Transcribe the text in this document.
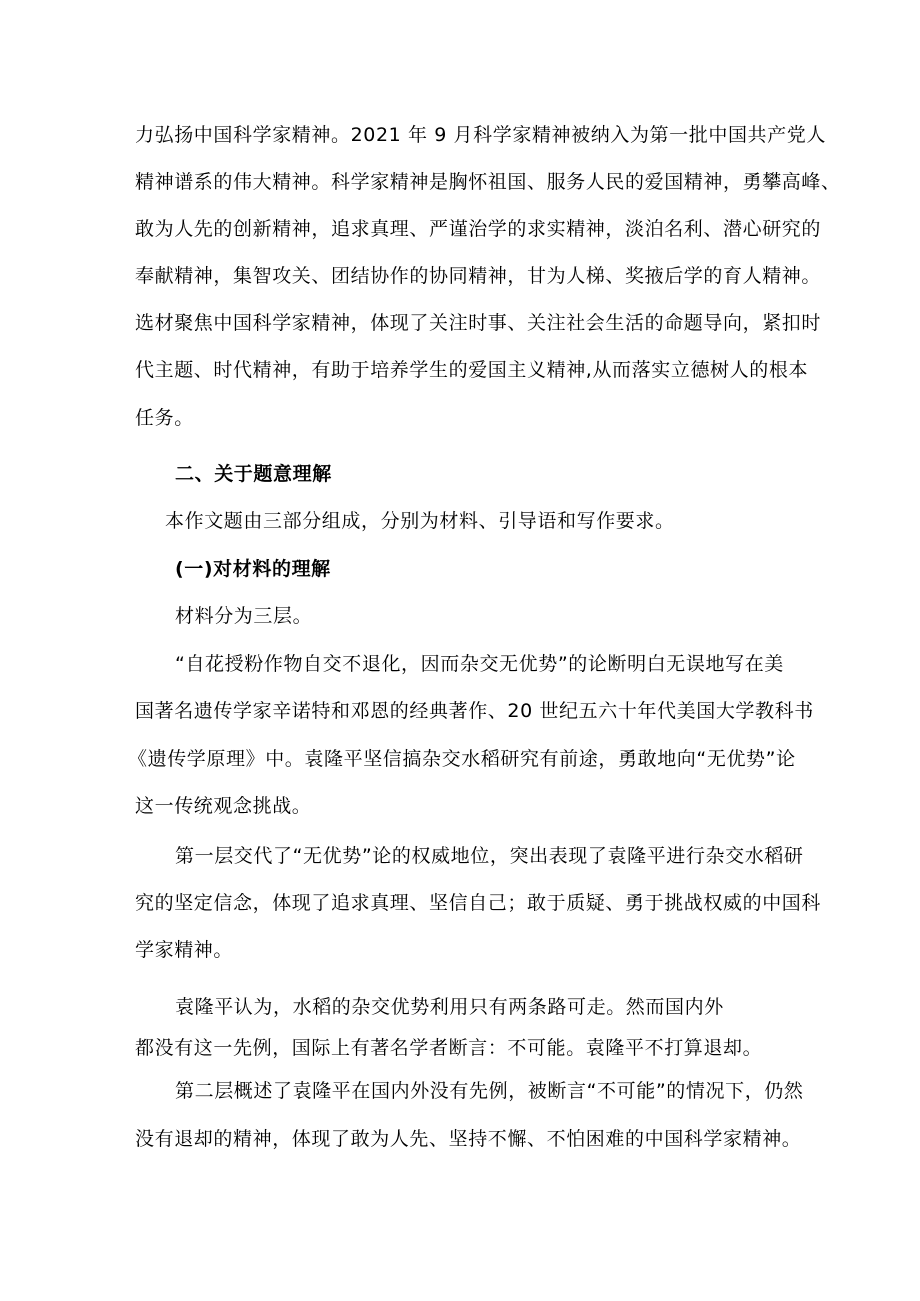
力弘扬中国科学家精神。2021 年 9 月科学家精神被纳入为第一批中国共产党人
精神谱系的伟大精神。科学家精神是胸怀祖国、服务人民的爱国精神，勇攀高峰、
敢为人先的创新精神，追求真理、严谨治学的求实精神，淡泊名利、潜心研究的
奉献精神，集智攻关、团结协作的协同精神，甘为人梯、奖掖后学的育人精神。
选材聚焦中国科学家精神，体现了关注时事、关注社会生活的命题导向，紧扣时
代主题、时代精神，有助于培养学生的爱国主义精神,从而落实立德树人的根本
任务。
二、关于题意理解
本作文题由三部分组成，分别为材料、引导语和写作要求。
(一)对材料的理解
材料分为三层。
“自花授粉作物自交不退化，因而杂交无优势”的论断明白无误地写在美
国著名遗传学家辛诺特和邓恩的经典著作、20 世纪五六十年代美国大学教科书
《遗传学原理》中。袁隆平坚信搞杂交水稻研究有前途，勇敢地向“无优势”论
这一传统观念挑战。
第一层交代了“无优势”论的权威地位，突出表现了袁隆平进行杂交水稻研
究的坚定信念，体现了追求真理、坚信自己；敢于质疑、勇于挑战权威的中国科
学家精神。
袁隆平认为，水稻的杂交优势利用只有两条路可走。然而国内外
都没有这一先例，国际上有著名学者断言：不可能。袁隆平不打算退却。
第二层概述了袁隆平在国内外没有先例，被断言“不可能”的情况下，仍然
没有退却的精神，体现了敢为人先、坚持不懈、不怕困难的中国科学家精神。
